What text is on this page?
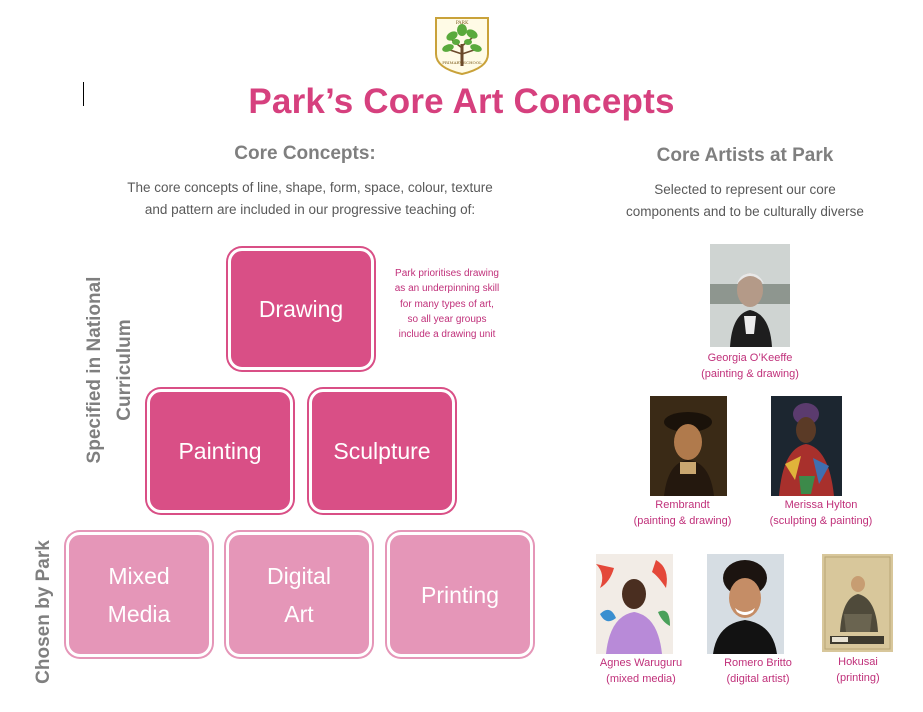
PARK
PRIMARY SCHOOL
Park’s Core Art Concepts
Core Concepts:
The core concepts of line, shape, form, space, colour, texture
and pattern are included in our progressive teaching of:
Specified in National Curriculum
Chosen by Park
Drawing
Painting	Sculpture
Mixed
Media
Digital
Art
Printing
Park prioritises drawing
as an underpinning skill
for many types of art,
so all year groups
include a drawing unit
Core Artists at Park
Selected to represent our core
components and to be culturally diverse
Georgia O’Keeffe
(painting & drawing)
Rembrandt
(painting & drawing)
Merissa Hylton
(sculpting & painting)
Agnes Waruguru
(mixed media)
Romero Britto
(digital artist)
Hokusai
(printing)
